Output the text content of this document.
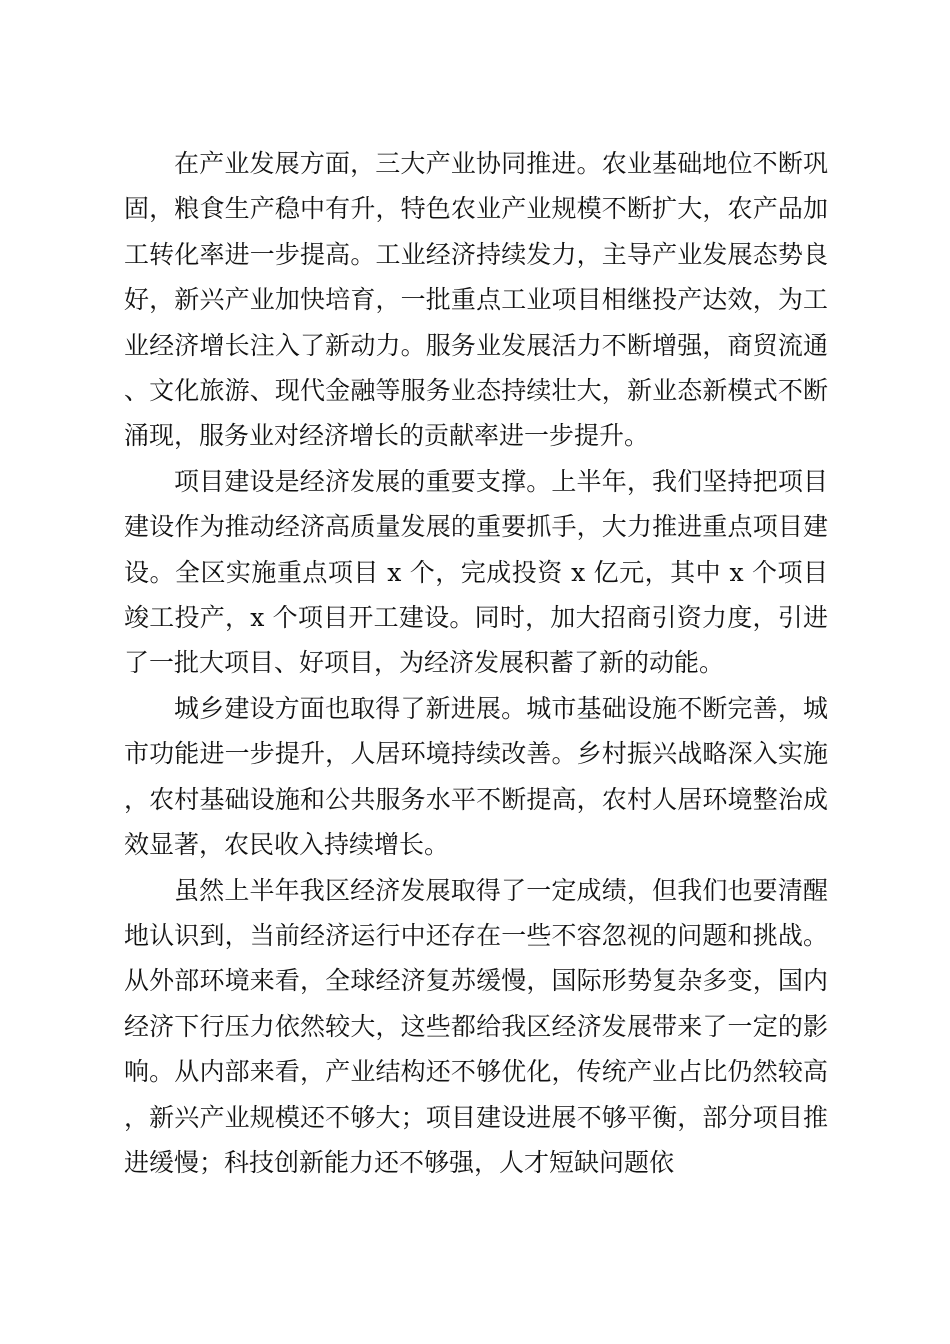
在产业发展方面，三大产业协同推进。农业基础地位不断巩固，粮食生产稳中有升，特色农业产业规模不断扩大，农产品加工转化率进一步提高。工业经济持续发力，主导产业发展态势良好，新兴产业加快培育，一批重点工业项目相继投产达效，为工业经济增长注入了新动力。服务业发展活力不断增强，商贸流通、文化旅游、现代金融等服务业态持续壮大，新业态新模式不断涌现，服务业对经济增长的贡献率进一步提升。

项目建设是经济发展的重要支撑。上半年，我们坚持把项目建设作为推动经济高质量发展的重要抓手，大力推进重点项目建设。全区实施重点项目 x 个，完成投资 x 亿元，其中 x 个项目竣工投产，x 个项目开工建设。同时，加大招商引资力度，引进了一批大项目、好项目，为经济发展积蓄了新的动能。

城乡建设方面也取得了新进展。城市基础设施不断完善，城市功能进一步提升，人居环境持续改善。乡村振兴战略深入实施，农村基础设施和公共服务水平不断提高，农村人居环境整治成效显著，农民收入持续增长。

虽然上半年我区经济发展取得了一定成绩，但我们也要清醒地认识到，当前经济运行中还存在一些不容忽视的问题和挑战。从外部环境来看，全球经济复苏缓慢，国际形势复杂多变，国内经济下行压力依然较大，这些都给我区经济发展带来了一定的影响。从内部来看，产业结构还不够优化，传统产业占比仍然较高，新兴产业规模还不够大；项目建设进展不够平衡，部分项目推进缓慢；科技创新能力还不够强，人才短缺问题依
